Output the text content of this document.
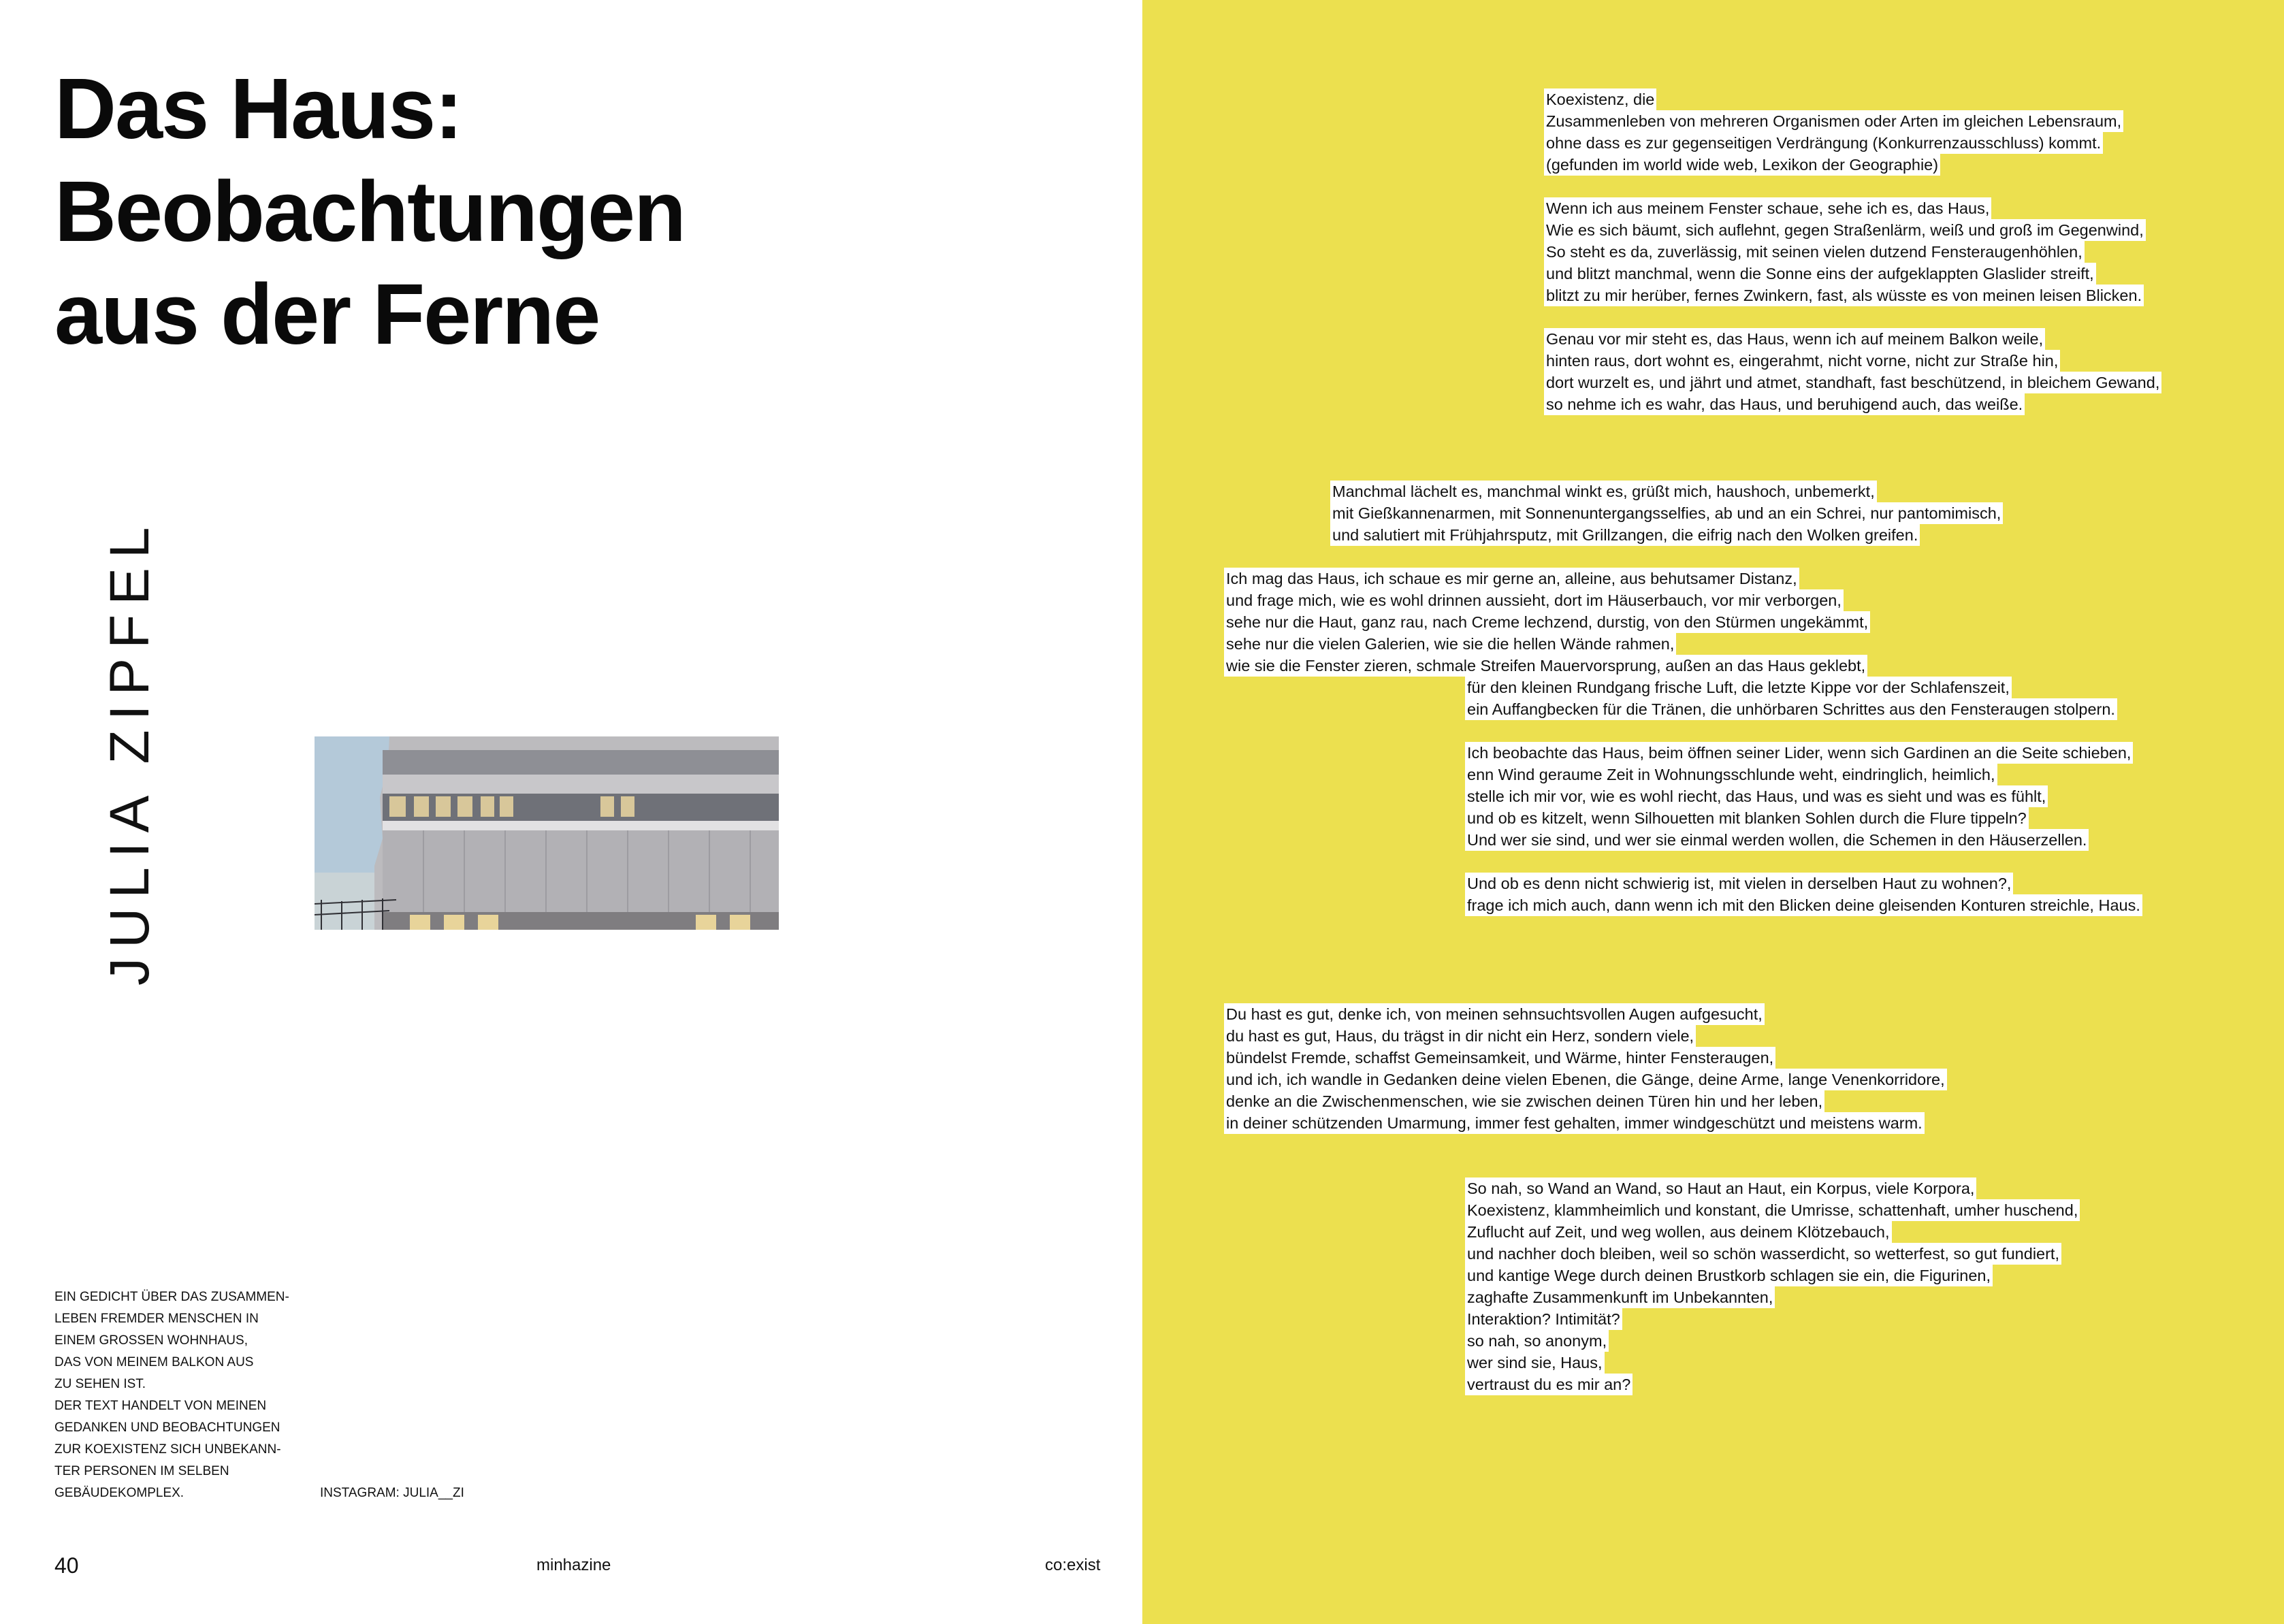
Das Haus:
Beobachtungen
aus der Ferne
JULIA ZIPFEL
EIN GEDICHT ÜBER DAS ZUSAMMEN-
LEBEN FREMDER MENSCHEN IN
EINEM GROSSEN WOHNHAUS,
DAS VON MEINEM BALKON AUS
ZU SEHEN IST.
DER TEXT HANDELT VON MEINEN
GEDANKEN UND BEOBACHTUNGEN
ZUR KOEXISTENZ SICH UNBEKANN-
TER PERSONEN IM SELBEN
GEBÄUDEKOMPLEX.	INSTAGRAM: JULIA__ZI
40	minhazine	co:exist
Koexistenz, die
Zusammenleben von mehreren Organismen oder Arten im gleichen Lebensraum,
ohne dass es zur gegenseitigen Verdrängung (Konkurrenzausschluss) kommt.
(gefunden im world wide web, Lexikon der Geographie)
Wenn ich aus meinem Fenster schaue, sehe ich es, das Haus,
Wie es sich bäumt, sich auflehnt, gegen Straßenlärm, weiß und groß im Gegenwind,
So steht es da, zuverlässig, mit seinen vielen dutzend Fensteraugenhöhlen,
und blitzt manchmal, wenn die Sonne eins der aufgeklappten Glaslider streift,
blitzt zu mir herüber, fernes Zwinkern, fast, als wüsste es von meinen leisen Blicken.
Genau vor mir steht es, das Haus, wenn ich auf meinem Balkon weile,
hinten raus, dort wohnt es, eingerahmt, nicht vorne, nicht zur Straße hin,
dort wurzelt es, und jährt und atmet, standhaft, fast beschützend, in bleichem Gewand,
so nehme ich es wahr, das Haus, und beruhigend auch, das weiße.
Manchmal lächelt es, manchmal winkt es, grüßt mich, haushoch, unbemerkt,
mit Gießkannenarmen, mit Sonnenuntergangsselfies, ab und an ein Schrei, nur pantomimisch,
und salutiert mit Frühjahrsputz, mit Grillzangen, die eifrig nach den Wolken greifen.
Ich mag das Haus, ich schaue es mir gerne an, alleine, aus behutsamer Distanz,
und frage mich, wie es wohl drinnen aussieht, dort im Häuserbauch, vor mir verborgen,
sehe nur die Haut, ganz rau, nach Creme lechzend, durstig, von den Stürmen ungekämmt,
sehe nur die vielen Galerien, wie sie die hellen Wände rahmen,
wie sie die Fenster zieren, schmale Streifen Mauervorsprung, außen an das Haus geklebt,
für den kleinen Rundgang frische Luft, die letzte Kippe vor der Schlafenszeit,
ein Auffangbecken für die Tränen, die unhörbaren Schrittes aus den Fensteraugen stolpern.
Ich beobachte das Haus, beim öffnen seiner Lider, wenn sich Gardinen an die Seite schieben,
enn Wind geraume Zeit in Wohnungsschlunde weht, eindringlich, heimlich,
stelle ich mir vor, wie es wohl riecht, das Haus, und was es sieht und was es fühlt,
und ob es kitzelt, wenn Silhouetten mit blanken Sohlen durch die Flure tippeln?
Und wer sie sind, und wer sie einmal werden wollen, die Schemen in den Häuserzellen.
Und ob es denn nicht schwierig ist, mit vielen in derselben Haut zu wohnen?,
frage ich mich auch, dann wenn ich mit den Blicken deine gleisenden Konturen streichle, Haus.
Du hast es gut, denke ich, von meinen sehnsuchtsvollen Augen aufgesucht,
du hast es gut, Haus, du trägst in dir nicht ein Herz, sondern viele,
bündelst Fremde, schaffst Gemeinsamkeit, und Wärme, hinter Fensteraugen,
und ich, ich wandle in Gedanken deine vielen Ebenen, die Gänge, deine Arme, lange Venenkorridore,
denke an die Zwischenmenschen, wie sie zwischen deinen Türen hin und her leben,
in deiner schützenden Umarmung, immer fest gehalten, immer windgeschützt und meistens warm.
So nah, so Wand an Wand, so Haut an Haut, ein Korpus, viele Korpora,
Koexistenz, klammheimlich und konstant, die Umrisse, schattenhaft, umher huschend,
Zuflucht auf Zeit, und weg wollen, aus deinem Klötzebauch,
und nachher doch bleiben, weil so schön wasserdicht, so wetterfest, so gut fundiert,
und kantige Wege durch deinen Brustkorb schlagen sie ein, die Figurinen,
zaghafte Zusammenkunft im Unbekannten,
Interaktion? Intimität?
so nah, so anonym,
wer sind sie, Haus,
vertraust du es mir an?
